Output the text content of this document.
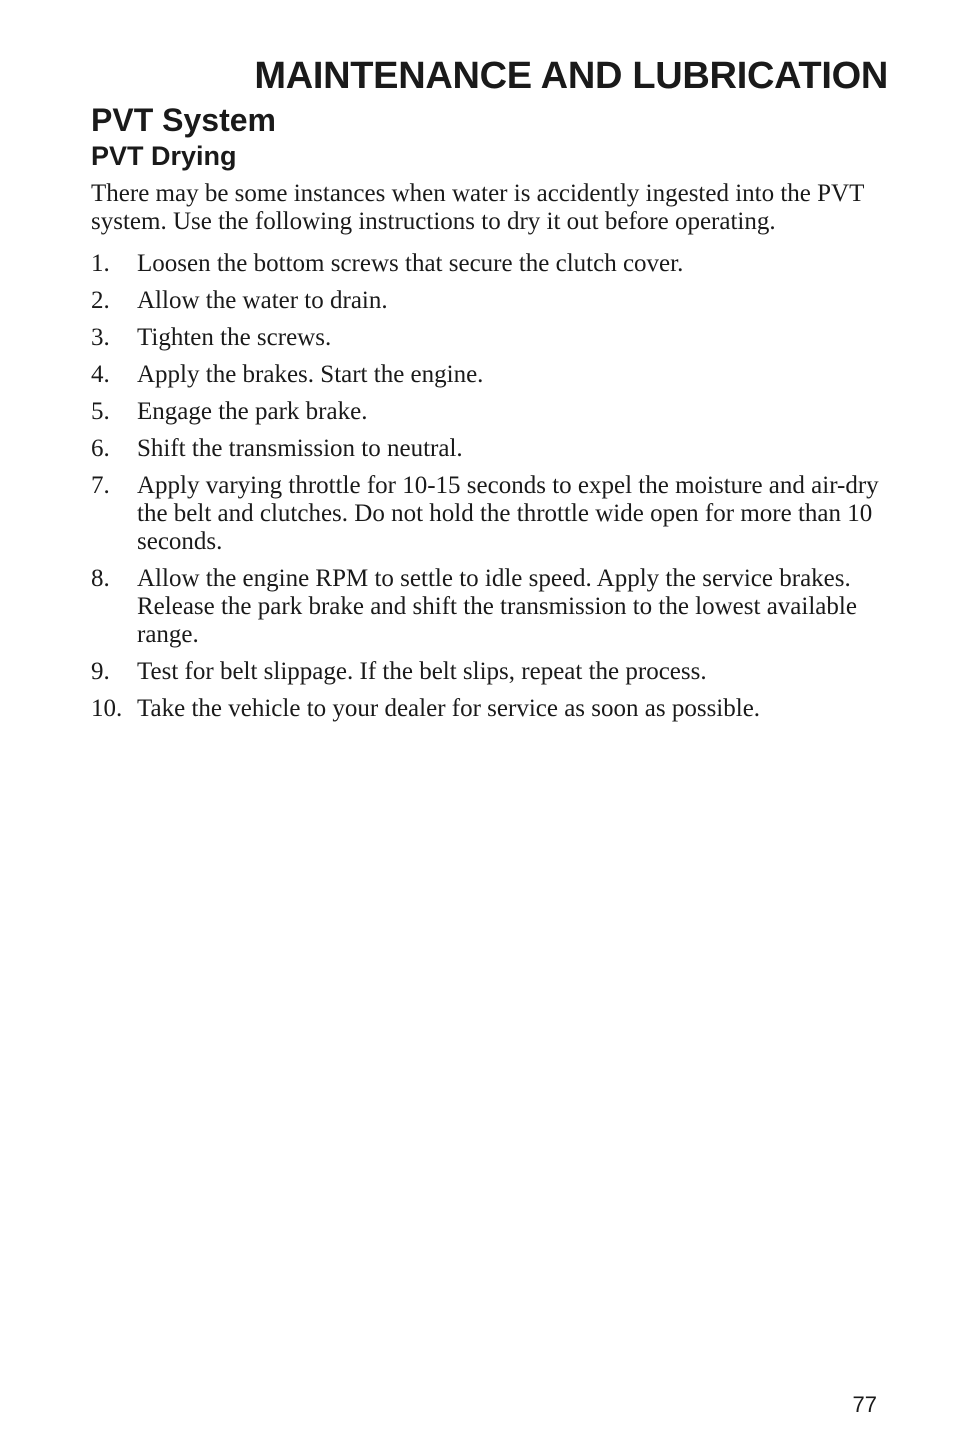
MAINTENANCE AND LUBRICATION
PVT System
PVT Drying

There may be some instances when water is accidently ingested into the PVT system. Use the following instructions to dry it out before operating.

1.	Loosen the bottom screws that secure the clutch cover.
2.	Allow the water to drain.
3.	Tighten the screws.
4.	Apply the brakes. Start the engine.
5.	Engage the park brake.
6.	Shift the transmission to neutral.
7.	Apply varying throttle for 10-15 seconds to expel the moisture and air-dry the belt and clutches. Do not hold the throttle wide open for more than 10 seconds.
8.	Allow the engine RPM to settle to idle speed. Apply the service brakes. Release the park brake and shift the transmission to the lowest available range.
9.	Test for belt slippage. If the belt slips, repeat the process.
10. Take the vehicle to your dealer for service as soon as possible.
77
